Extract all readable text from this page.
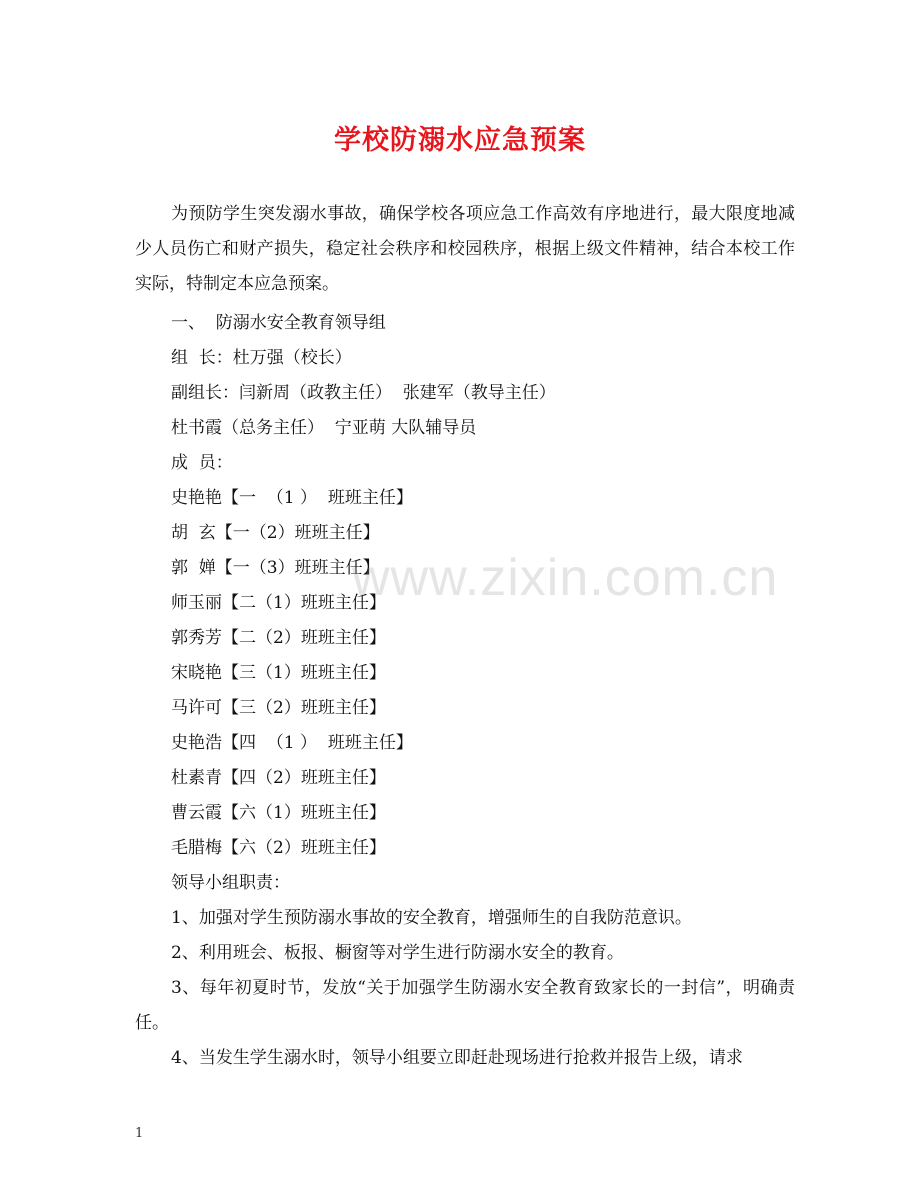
学校防溺水应急预案
为预防学生突发溺水事故，确保学校各项应急工作高效有序地进行，最大限度地减少人员伤亡和财产损失，稳定社会秩序和校园秩序，根据上级文件精神，结合本校工作实际，特制定本应急预案。
一、  防溺水安全教育领导组
组  长：杜万强（校长）
副组长：闫新周（政教主任）  张建军（教导主任）
杜书霞（总务主任）  宁亚萌 大队辅导员
成  员：
史艳艳【一  （1 ）  班班主任】
胡  玄【一（2）班班主任】
郭  婵【一（3）班班主任】
师玉丽【二（1）班班主任】
郭秀芳【二（2）班班主任】
宋晓艳【三（1）班班主任】
马许可【三（2）班班主任】
史艳浩【四  （1 ）  班班主任】
杜素青【四（2）班班主任】
曹云霞【六（1）班班主任】
毛腊梅【六（2）班班主任】
领导小组职责：
1、加强对学生预防溺水事故的安全教育，增强师生的自我防范意识。
2、利用班会、板报、橱窗等对学生进行防溺水安全的教育。
3、每年初夏时节，发放“关于加强学生防溺水安全教育致家长的一封信”，明确责任。
4、当发生学生溺水时，领导小组要立即赶赴现场进行抢救并报告上级，请求
www.zixin.com.cn
1
